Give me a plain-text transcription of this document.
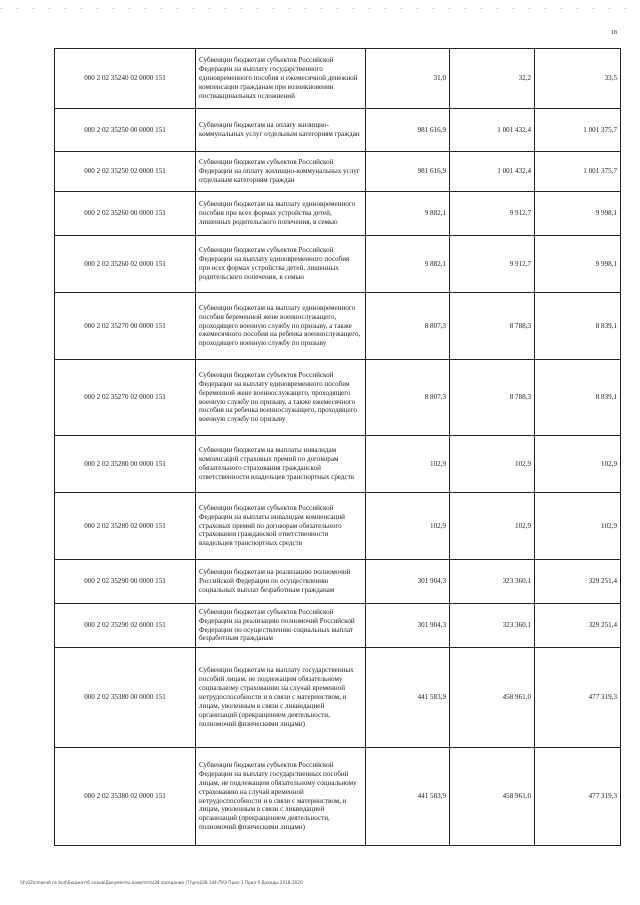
18
000 2 02 35240 02 0000 151	Субвенции бюджетам субъектов Российской Федерации на выплату государственного единовременного пособия и ежемесячной денежной компенсации гражданам при возникновении поствакцинальных осложнений	31,0	32,2	33,5
000 2 02 35250 00 0000 151	Субвенции бюджетам на оплату жилищно-коммунальных услуг отдельным категориям граждан	981 616,9	1 001 432,4	1 001 375,7
000 2 02 35250 02 0000 151	Субвенции бюджетам субъектов Российской Федерации на оплату жилищно-коммунальных услуг отдельным категориям граждан	981 616,9	1 001 432,4	1 001 375,7
000 2 02 35260 00 0000 151	Субвенции бюджетам на выплату единовременного пособия при всех формах устройства детей, лишенных родительского попечения, в семью	9 882,1	9 912,7	9 998,1
000 2 02 35260 02 0000 151	Субвенции бюджетам субъектов Российской Федерации на выплату единовременного пособия при всех формах устройства детей, лишенных родительского попечения, в семью	9 882,1	9 912,7	9 998,1
000 2 02 35270 00 0000 151	Субвенции бюджетам на выплату единовременного пособия беременной жене военнослужащего, проходящего военную службу по призыву, а также ежемесячного пособия на ребенка военнослужащего, проходящего военную службу по призыву	8 807,3	8 788,3	8 839,1
000 2 02 35270 02 0000 151	Субвенции бюджетам субъектов Российской Федерации на выплату единовременного пособия беременной жене военнослужащего, проходящего военную службу по призыву, а также ежемесячного пособия на ребенка военнослужащего, проходящего военную службу по призыву	8 807,3	8 788,3	8 839,1
000 2 02 35280 00 0000 151	Субвенции бюджетам на выплаты инвалидам компенсаций страховых премий по договорам обязательного страхования гражданской ответственности владельцев транспортных средств	102,9	102,9	102,9
000 2 02 35280 02 0000 151	Субвенции бюджетам субъектов Российской Федерации на выплаты инвалидам компенсаций страховых премий по договорам обязательного страхования гражданской ответственности владельцев транспортных средств	102,9	102,9	102,9
000 2 02 35290 00 0000 151	Субвенции бюджетам на реализацию полномочий Российской Федерации по осуществлению социальных выплат безработным гражданам	301 904,3	323 360,1	329 251,4
000 2 02 35290 02 0000 151	Субвенции бюджетам субъектов Российской Федерации на реализацию полномочий Российской Федерации по осуществлению социальных выплат безработным гражданам	301 904,3	323 360,1	329 251,4
000 2 02 35380 00 0000 151	Субвенции бюджетам на выплату государственных пособий лицам, не подлежащим обязательному социальному страхованию на случай временной нетрудоспособности и в связи с материнством, и лицам, уволенным в связи с ликвидацией организаций (прекращением деятельности, полномочий физическими лицами)	441 583,9	458 961,0	477 319,3
000 2 02 35380 02 0000 151	Субвенции бюджетам субъектов Российской Федерации на выплату государственных пособий лицам, не подлежащим обязательному социальному страхованию на случай временной нетрудоспособности и в связи с материнством, и лицам, уволенным в связи с ликвидацией организаций (прекращением деятельности, полномочий физическими лицами)	441 583,9	458 961,0	477 319,3
\\Fs02\cmwnet ns bud\Бюджет\6 созыв\Документы комитета\28 заседание (7)\proj\28 144-ПУЭ Прил 1 Прил 9 Доходы 2018-2020
